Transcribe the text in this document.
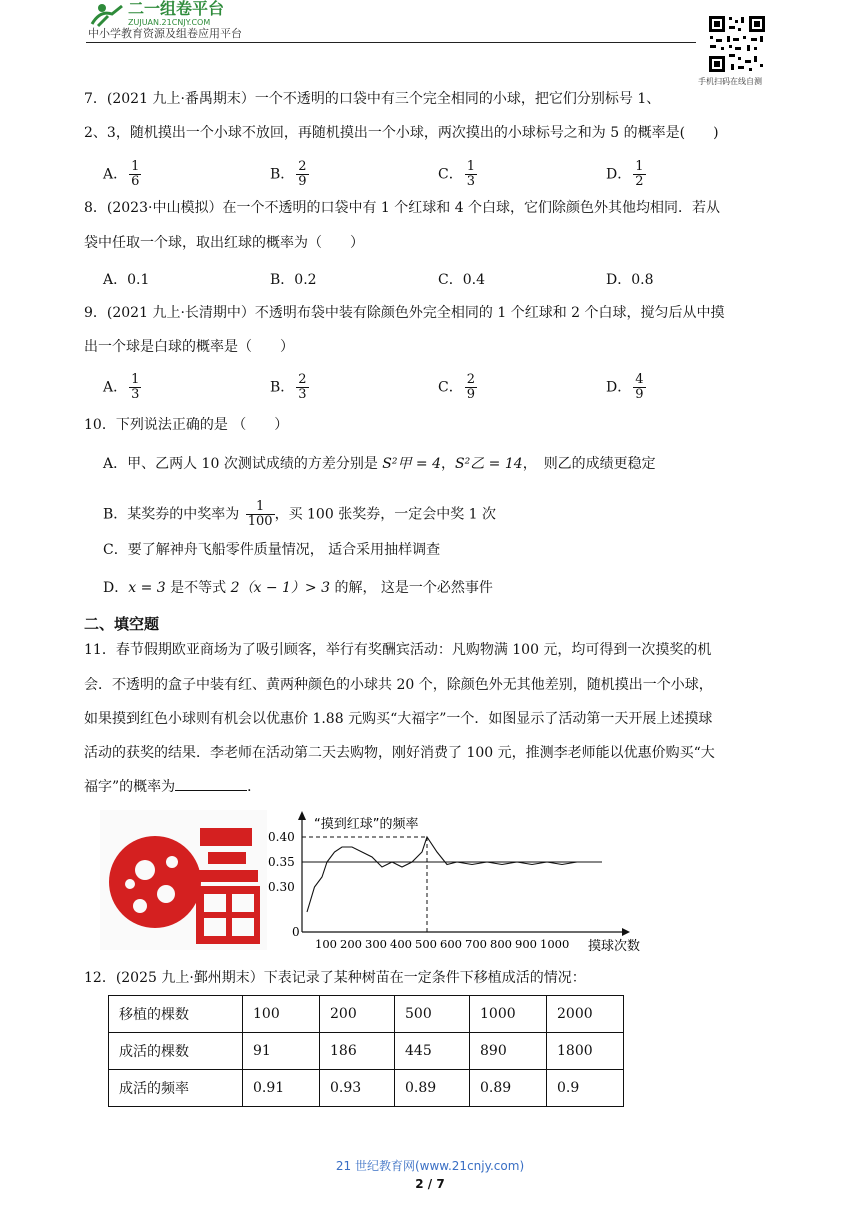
二一组卷平台
ZUJUAN.21CNJY.COM
中小学教育资源及组卷应用平台
手机扫码在线自测
7．(2021 九上·番禺期末）一个不透明的口袋中有三个完全相同的小球，把它们分别标号 1、
2、3，随机摸出一个小球不放回，再随机摸出一个小球，两次摸出的小球标号之和为 5 的概率是(　　)
A． $\frac{1}{6}$	B． $\frac{2}{9}$	C． $\frac{1}{3}$	D． $\frac{1}{2}$
8．(2023·中山模拟）在一个不透明的口袋中有 1 个红球和 4 个白球，它们除颜色外其他均相同．若从
袋中任取一个球，取出红球的概率为（　　）
A．0.1	B．0.2	C．0.4	D．0.8
9．(2021 九上·长清期中）不透明布袋中装有除颜色外完全相同的 1 个红球和 2 个白球，搅匀后从中摸
出一个球是白球的概率是（　　）
A． $\frac{1}{3}$	B． $\frac{2}{3}$	C． $\frac{2}{9}$	D． $\frac{4}{9}$
10．下列说法正确的是 （　　）
A．甲、乙两人 10 次测试成绩的方差分别是 S²甲 = 4，S²乙 = 14，　则乙的成绩更稳定
B．某奖券的中奖率为 $\frac{1}{100}$ ，买 100 张奖券，一定会中奖 1 次
C．要了解神舟飞船零件质量情况， 适合采用抽样调查
D．x = 3 是不等式 2（x − 1）> 3 的解， 这是一个必然事件
二、填空题
11．春节假期欧亚商场为了吸引顾客，举行有奖酬宾活动：凡购物满 100 元，均可得到一次摸奖的机
会．不透明的盒子中装有红、黄两种颜色的小球共 20 个，除颜色外无其他差别，随机摸出一个小球，
如果摸到红色小球则有机会以优惠价 1.88 元购买“大福字”一个．如图显示了活动第一天开展上述摸球
活动的获奖的结果．李老师在活动第二天去购物，刚好消费了 100 元，推测李老师能以优惠价购买“大
福字”的概率为	．
0
0.30
0.35
0.40
100 200 300 400 500 600 700 800 900 1000
“摸到红球”的频率
摸球次数
12．(2025 九上·鄞州期末）下表记录了某种树苗在一定条件下移植成活的情况：
移植的棵数	100	200	500	1000	2000
成活的棵数	91	186	445	890	1800
成活的频率	0.91	0.93	0.89	0.89	0.9
21 世纪教育网(www.21cnjy.com)
2 / 7
